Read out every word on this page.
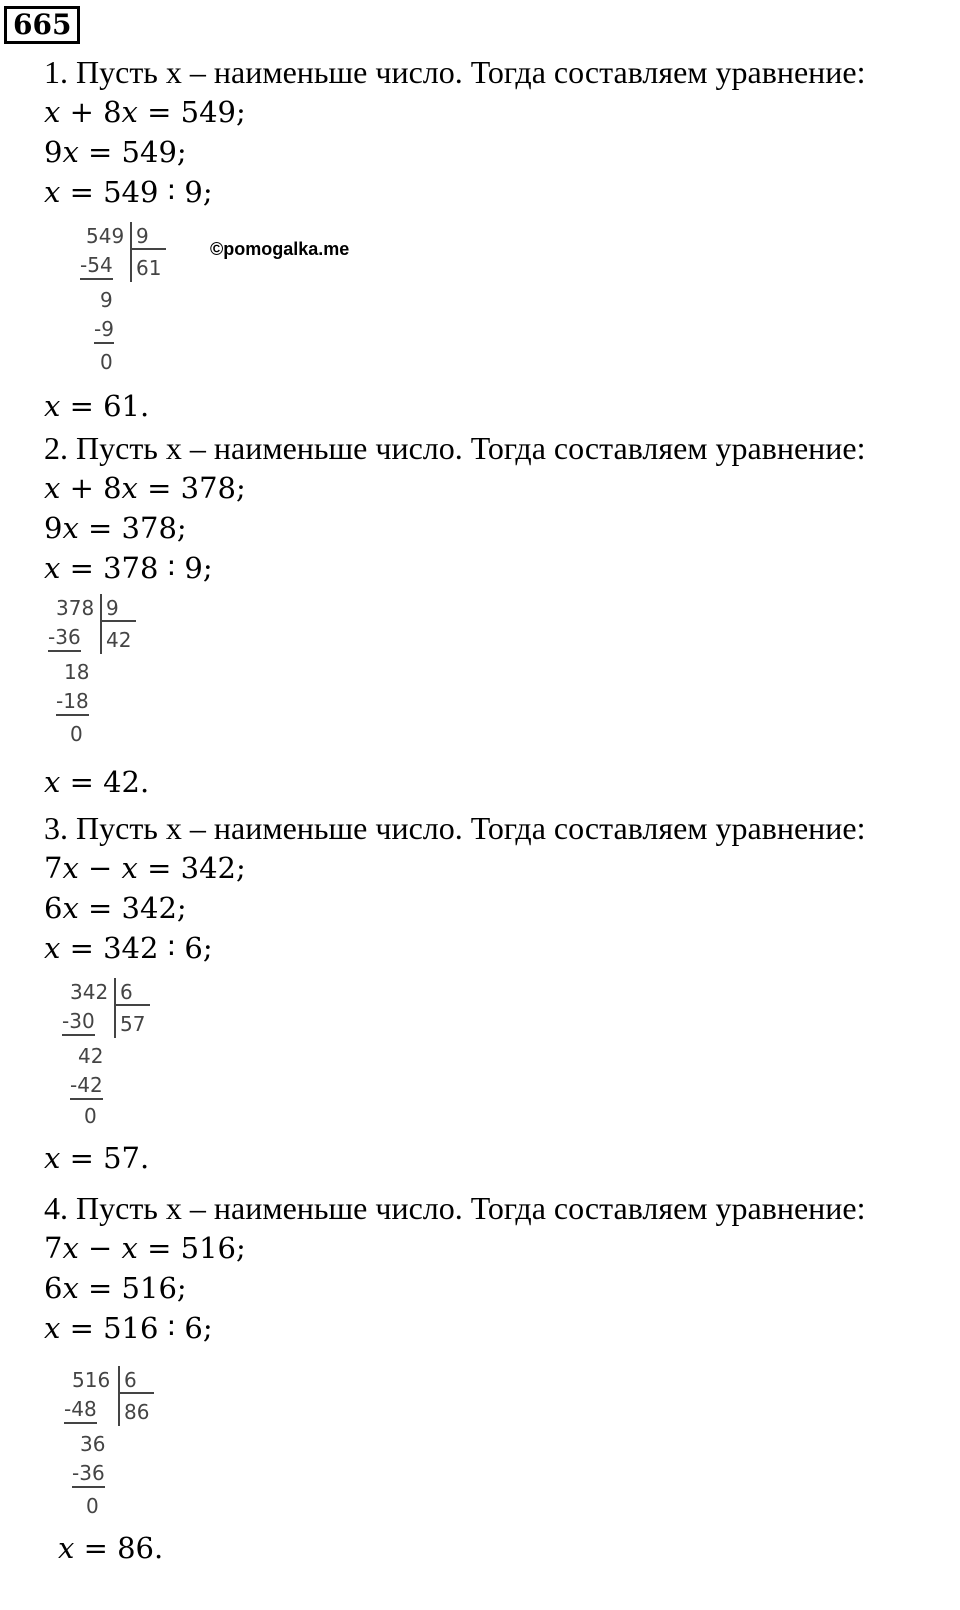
665
©pomogalka.me
1. Пусть x – наименьше число. Тогда составляем уравнение:
𝑥 + 8𝑥 = 549;
9𝑥 = 549;
𝑥 = 549 ∶ 9;
549 9
-54 61
9
-9
0
𝑥 = 61.
2. Пусть x – наименьше число. Тогда составляем уравнение:
𝑥 + 8𝑥 = 378;
9𝑥 = 378;
𝑥 = 378 ∶ 9;
378 9
-36 42
18
-18
0
𝑥 = 42.
3. Пусть x – наименьше число. Тогда составляем уравнение:
7𝑥 − 𝑥 = 342;
6𝑥 = 342;
𝑥 = 342 ∶ 6;
342 6
-30 57
42
-42
0
𝑥 = 57.
4. Пусть x – наименьше число. Тогда составляем уравнение:
7𝑥 − 𝑥 = 516;
6𝑥 = 516;
𝑥 = 516 ∶ 6;
516 6
-48 86
36
-36
0
𝑥 = 86.
